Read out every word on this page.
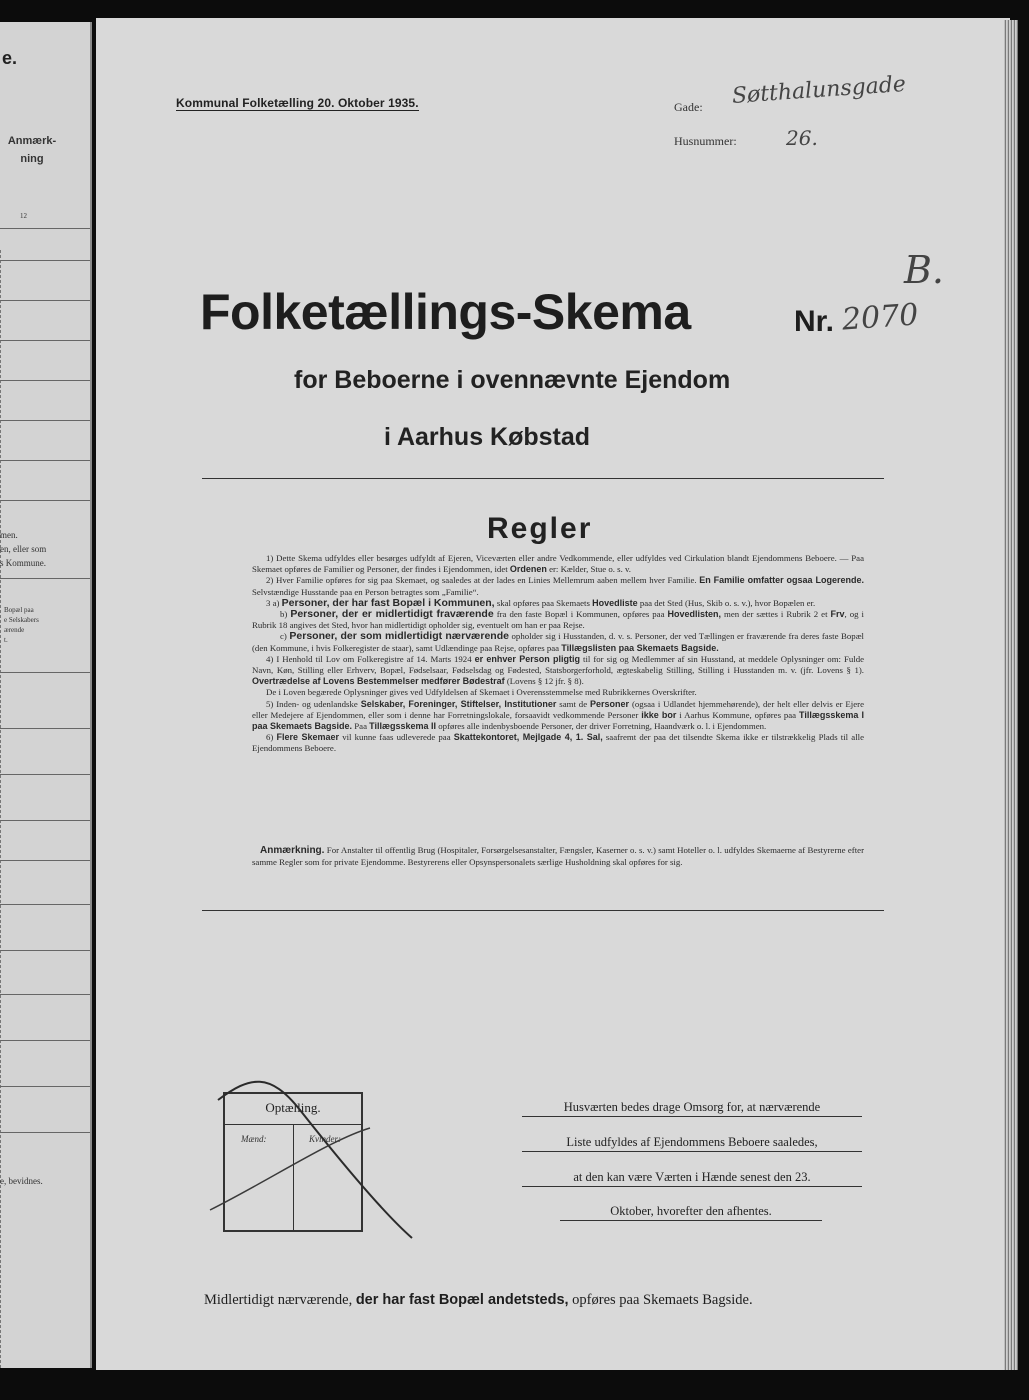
e.
Anmærk-
ning
12
men.
en, eller som
s Kommune.
Bopæl paa
e Selskabers
ærende
t.
e, bevidnes.
Kommunal Folketælling 20. Oktober 1935.	Gade: Søtthalunsgade
Husnummer: 26.
Folketællings-Skema	Nr. 2070
B.
for Beboerne i ovennævnte Ejendom
i Aarhus Købstad
Regler

1) Dette Skema udfyldes eller besørges udfyldt af Ejeren, Viceværten eller andre Vedkommende, eller udfyldes ved Cirkulation blandt Ejendommens Beboere. — Paa Skemaet opføres de Familier og Personer, der findes i Ejendommen, idet Ordenen er: Kælder, Stue o. s. v.

2) Hver Familie opføres for sig paa Skemaet, og saaledes at der lades en Linies Mellemrum aaben mellem hver Familie. En Familie omfatter ogsaa Logerende. Selvstændige Husstande paa en Person betragtes som „Familie“.

3 a) Personer, der har fast Bopæl i Kommunen, skal opføres paa Skemaets Hovedliste paa det Sted (Hus, Skib o. s. v.), hvor Bopælen er.

b) Personer, der er midlertidigt fraværende fra den faste Bopæl i Kommunen, opføres paa Hovedlisten, men der sættes i Rubrik 2 et Frv, og i Rubrik 18 angives det Sted, hvor han midlertidigt opholder sig, eventuelt om han er paa Rejse.

c) Personer, der som midlertidigt nærværende opholder sig i Husstanden, d. v. s. Personer, der ved Tællingen er fraværende fra deres faste Bopæl (den Kommune, i hvis Folkeregister de staar), samt Udlændinge paa Rejse, opføres paa Tillægslisten paa Skemaets Bagside.

4) I Henhold til Lov om Folkeregistre af 14. Marts 1924 er enhver Person pligtig til for sig og Medlemmer af sin Husstand, at meddele Oplysninger om: Fulde Navn, Køn, Stilling eller Erhverv, Bopæl, Fødselsaar, Fødselsdag og Fødested, Statsborgerforhold, ægteskabelig Stilling, Stilling i Husstanden m. v. (jfr. Lovens § 1). Overtrædelse af Lovens Bestemmelser medfører Bødestraf (Lovens § 12 jfr. § 8).

De i Loven begærede Oplysninger gives ved Udfyldelsen af Skemaet i Overensstemmelse med Rubrikkernes Overskrifter.

5) Inden- og udenlandske Selskaber, Foreninger, Stiftelser, Institutioner samt de Personer (ogsaa i Udlandet hjemmehørende), der helt eller delvis er Ejere eller Medejere af Ejendommen, eller som i denne har Forretningslokale, forsaavidt vedkommende Personer ikke bor i Aarhus Kommune, opføres paa Tillægsskema I paa Skemaets Bagside. Paa Tillægsskema II opføres alle indenbysboende Personer, der driver Forretning, Haandværk o. l. i Ejendommen.

6) Flere Skemaer vil kunne faas udleverede paa Skattekontoret, Mejlgade 4, 1. Sal, saafremt der paa det tilsendte Skema ikke er tilstrækkelig Plads til alle Ejendommens Beboere.

Anmærkning. For Anstalter til offentlig Brug (Hospitaler, Forsørgelsesanstalter, Fængsler, Kaserner o. s. v.) samt Hoteller o. l. udfyldes Skemaerne af Bestyrerne efter samme Regler som for private Ejendomme. Bestyrerens eller Opsynspersonalets særlige Husholdning skal opføres for sig.

Optælling.
Mænd:	Kvinder:
Husværten bedes drage Omsorg for, at nærværende
Liste udfyldes af Ejendommens Beboere saaledes,
at den kan være Værten i Hænde senest den 23.
Oktober, hvorefter den afhentes.
Midlertidigt nærværende, der har fast Bopæl andetsteds, opføres paa Skemaets Bagside.
